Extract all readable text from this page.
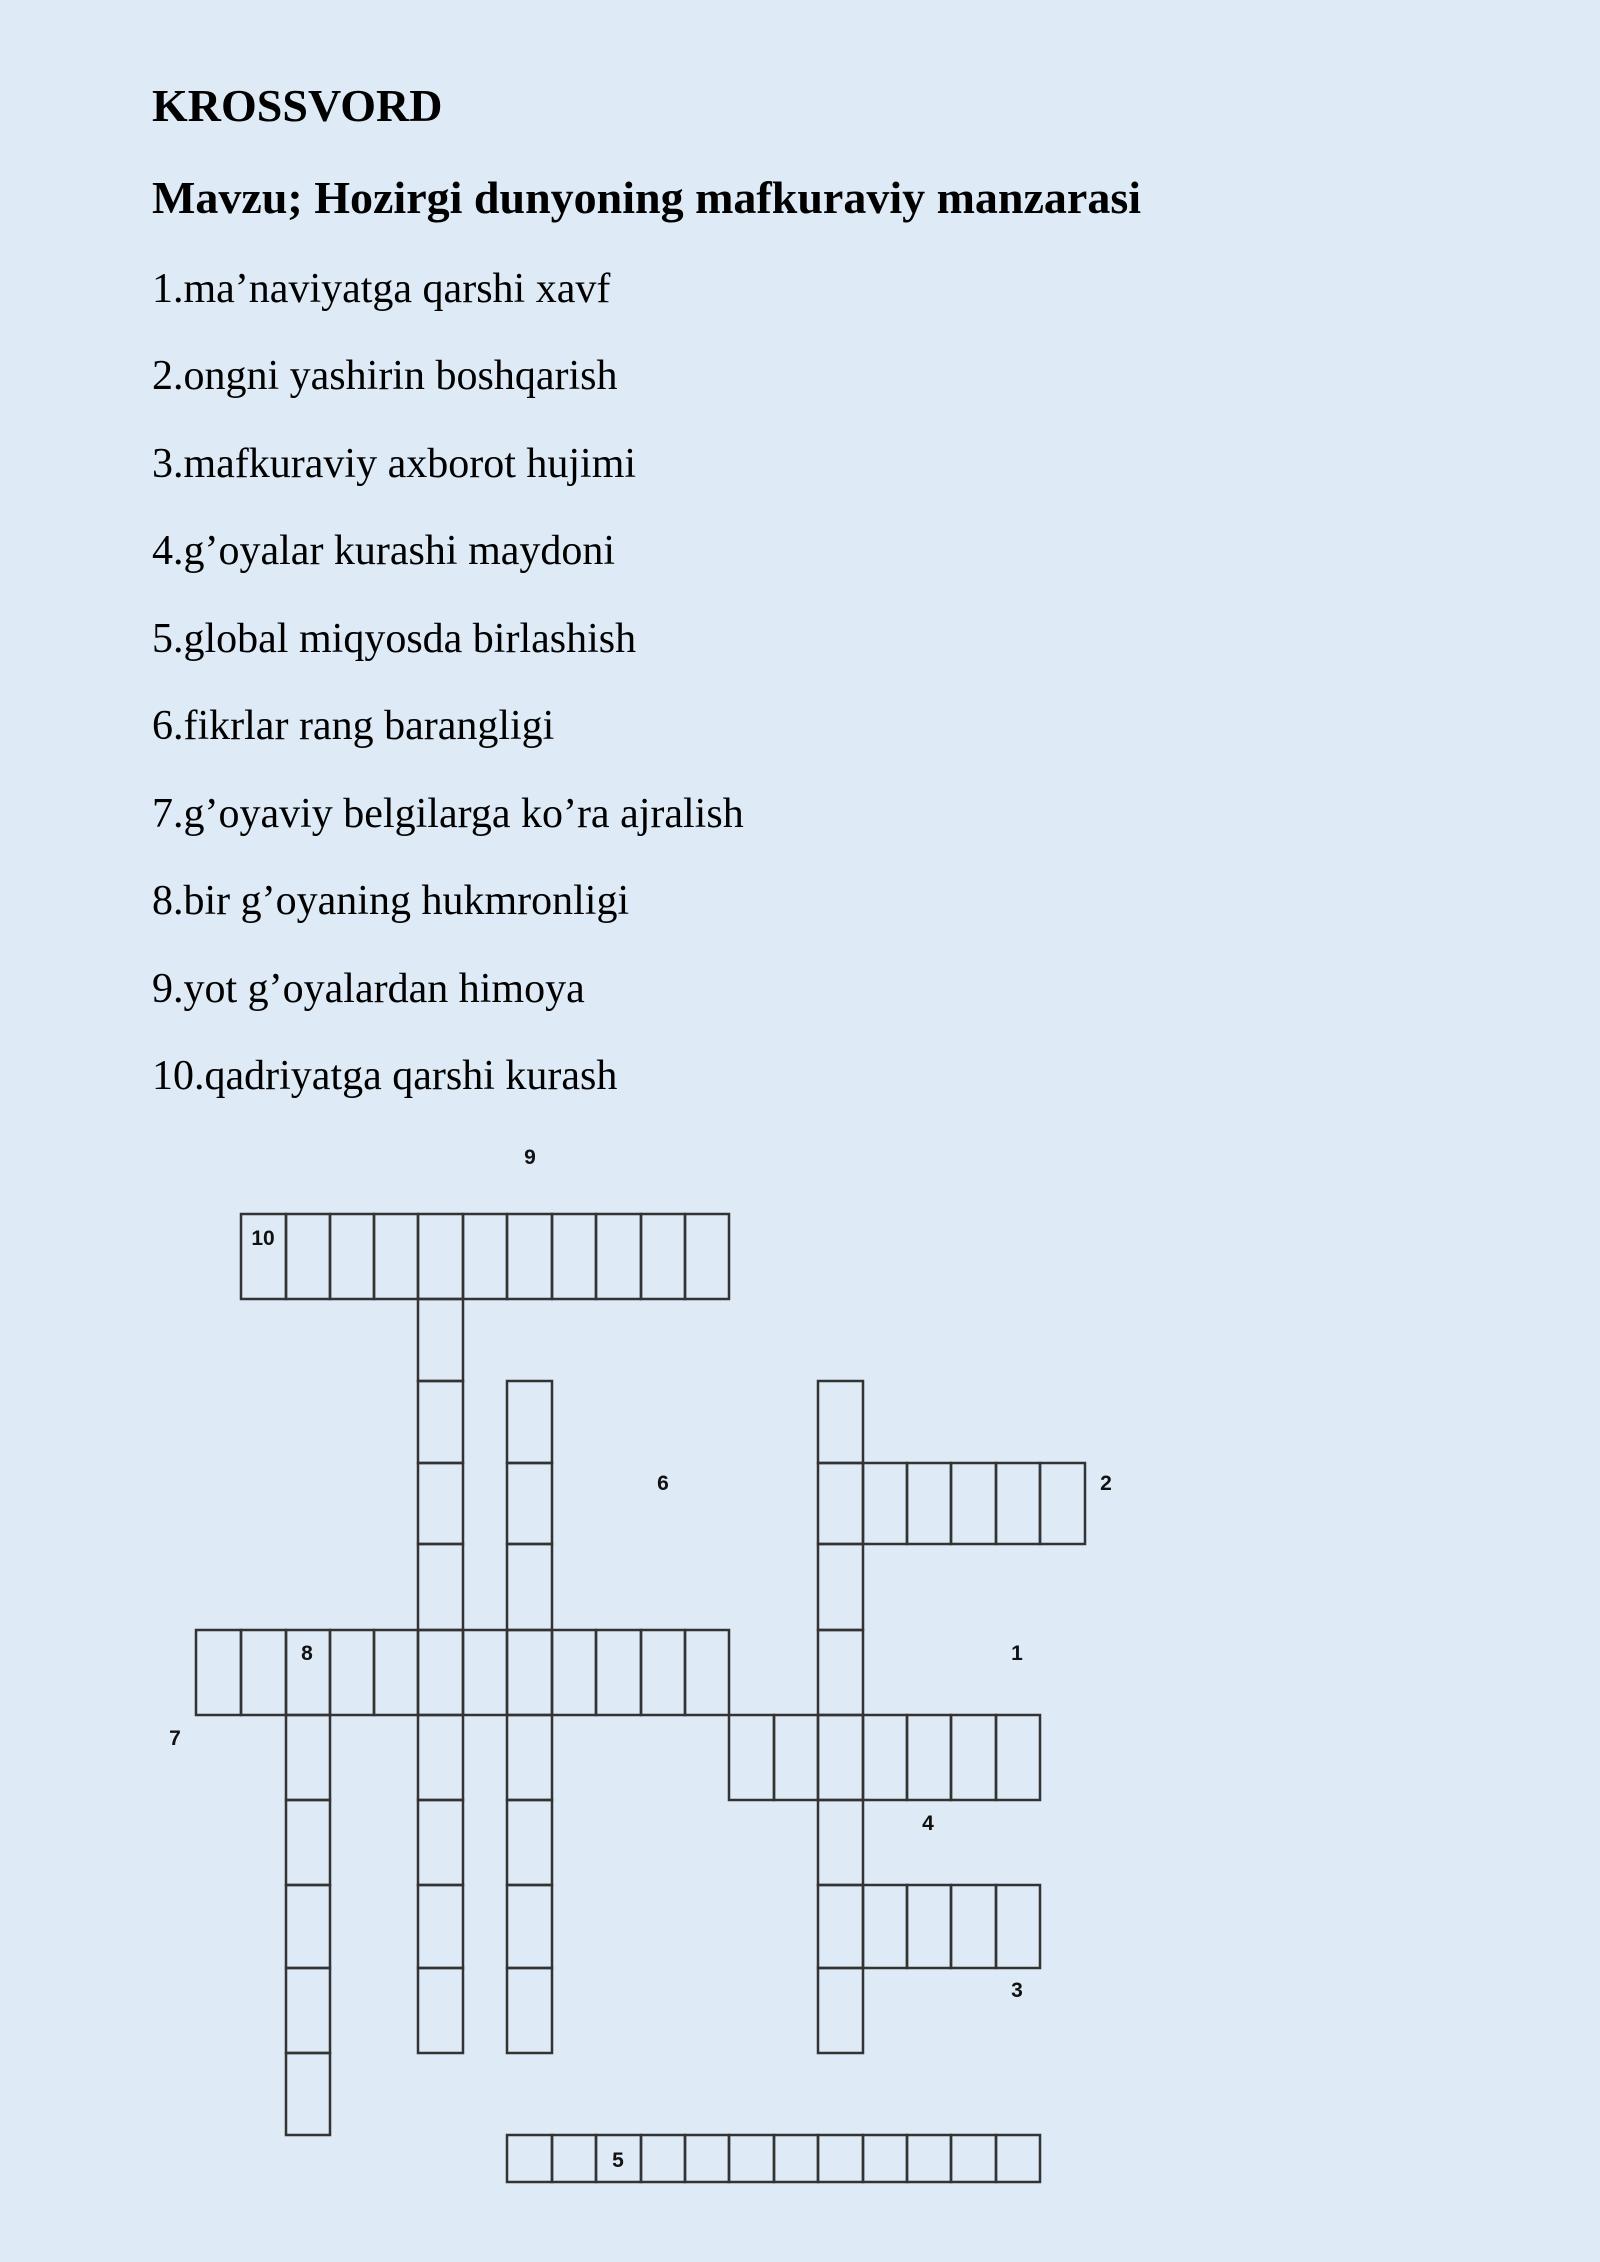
KROSSVORD
Mavzu; Hozirgi dunyoning mafkuraviy manzarasi

1.ma’naviyatga qarshi xavf

2.ongni yashirin boshqarish

3.mafkuraviy axborot hujimi

4.g’oyalar kurashi maydoni

5.global miqyosda birlashish

6.fikrlar rang barangligi

7.g’oyaviy belgilarga ko’ra ajralish

8.bir g’oyaning hukmronligi

9.yot g’oyalardan himoya

10.qadriyatga qarshi kurash

10
9
6	2
1
8
7
4
3
5
